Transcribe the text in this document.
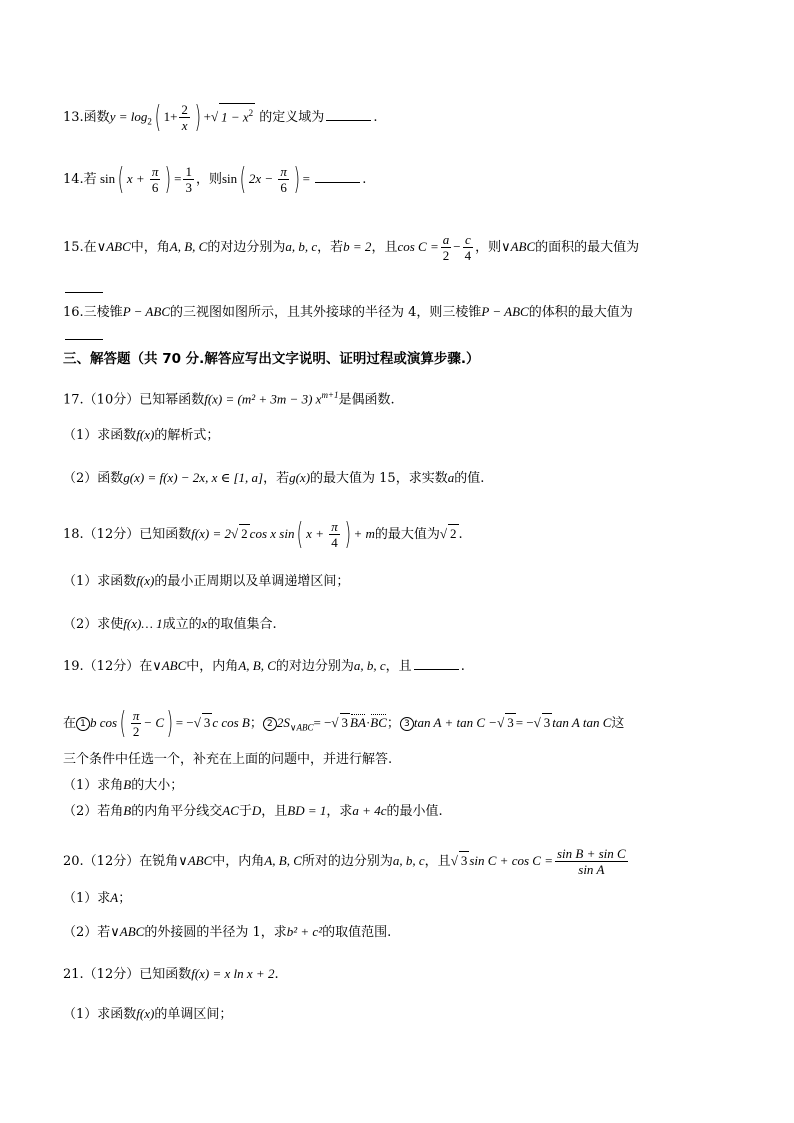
13.函数$y = \log_2$( $1+ \frac{2}{x}$ ) +√ $1 - x^2$ 的定义域为	.
14.若 sin( $x + \frac{\pi}{6}$ ) = $\frac{1}{3}$ ，则sin( $2x - \frac{\pi}{6}$ ) =	.
15.在∨ABC中，角A, B, C的对边分别为a, b, c，若b = 2，且$\cos C = \frac{a}{2} - \frac{c}{4}$ ，则∨ABC的面积的最大值为
16.三棱锥P − ABC的三视图如图所示，且其外接球的半径为 4，则三棱锥P − ABC的体积的最大值为
三、解答题（共 70 分.解答应写出文字说明、证明过程或演算步骤.）
17.（10分）已知幂函数f(x) = (m² + 3m − 3) $x^{m+1}$是偶函数.
（1）求函数f(x)的解析式；
（2）函数g(x) = f(x) − 2x, x ∈ [1, a]，若g(x)的最大值为 15，求实数a的值.
18.（12分）已知函数f(x) = 2√ 2 cos x sin( $x + \frac{\pi}{4}$ ) + m的最大值为√ 2 .
（1）求函数f(x)的最小正周期以及单调递增区间；
（2）求使f(x)… 1成立的x的取值集合.
19.（12分）在∨ABC中，内角A, B, C的对边分别为a, b, c，且	.
在 1 b $\cos( \frac{\pi}{2} - C)$ = −√ 3 c cos B； 2 $2S_{\vee ABC}=$ −√ 3 BA·BC； 3 tan A + tan C −√ 3 = −√ 3 tan A tan C这
三个条件中任选一个，补充在上面的问题中，并进行解答.
（1）求角B的大小；
（2）若角B的内角平分线交AC于D，且BD = 1，求a + 4c的最小值.
20.（12分）在锐角∨ABC中，内角A, B, C所对的边分别为a, b, c，且√ 3 $\sin C + \cos C = \frac{\text{sin B + sin C}}{\text{sin A}}$
（1）求A；
（2）若∨ABC的外接圆的半径为 1，求b² + c²的取值范围.
21.（12分）已知函数f(x) = x ln x + 2.
（1）求函数f(x)的单调区间；
